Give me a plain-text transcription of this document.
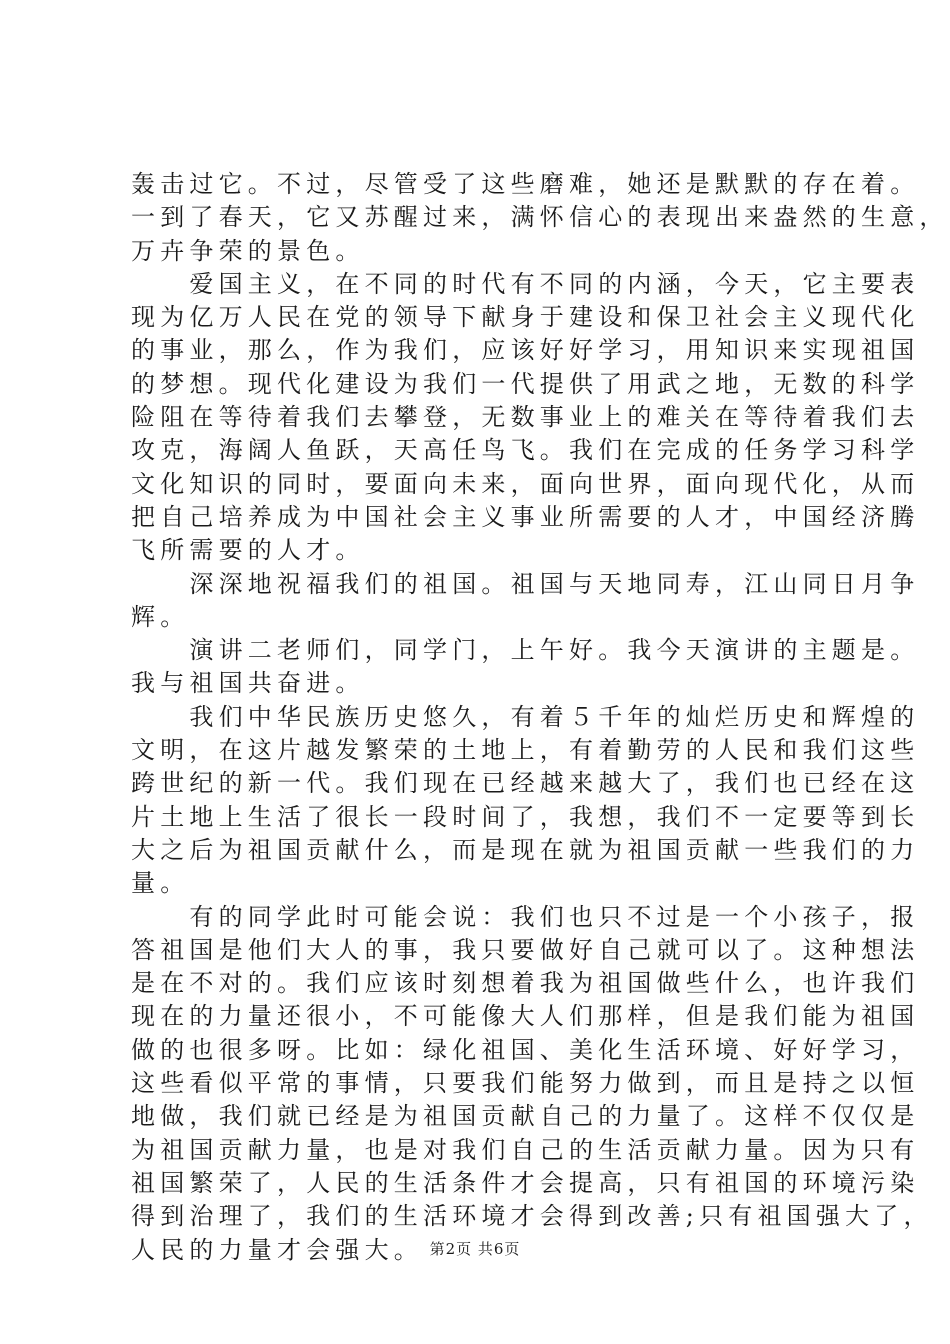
轰击过它。不过，尽管受了这些磨难，她还是默默的存在着。
一到了春天，它又苏醒过来，满怀信心的表现出来盎然的生意，
万卉争荣的景色。
　　爱国主义，在不同的时代有不同的内涵，今天，它主要表
现为亿万人民在党的领导下献身于建设和保卫社会主义现代化
的事业，那么，作为我们，应该好好学习，用知识来实现祖国
的梦想。现代化建设为我们一代提供了用武之地，无数的科学
险阻在等待着我们去攀登，无数事业上的难关在等待着我们去
攻克，海阔人鱼跃，天高任鸟飞。我们在完成的任务学习科学
文化知识的同时，要面向未来，面向世界，面向现代化，从而
把自己培养成为中国社会主义事业所需要的人才，中国经济腾
飞所需要的人才。
　　深深地祝福我们的祖国。祖国与天地同寿，江山同日月争
辉。
　　演讲二老师们，同学门，上午好。我今天演讲的主题是。
我与祖国共奋进。
　　我们中华民族历史悠久，有着５千年的灿烂历史和辉煌的
文明，在这片越发繁荣的土地上，有着勤劳的人民和我们这些
跨世纪的新一代。我们现在已经越来越大了，我们也已经在这
片土地上生活了很长一段时间了，我想，我们不一定要等到长
大之后为祖国贡献什么，而是现在就为祖国贡献一些我们的力
量。
　　有的同学此时可能会说：我们也只不过是一个小孩子，报
答祖国是他们大人的事，我只要做好自己就可以了。这种想法
是在不对的。我们应该时刻想着我为祖国做些什么，也许我们
现在的力量还很小，不可能像大人们那样，但是我们能为祖国
做的也很多呀。比如：绿化祖国、美化生活环境、好好学习，
这些看似平常的事情，只要我们能努力做到，而且是持之以恒
地做，我们就已经是为祖国贡献自己的力量了。这样不仅仅是
为祖国贡献力量，也是对我们自己的生活贡献力量。因为只有
祖国繁荣了，人民的生活条件才会提高，只有祖国的环境污染
得到治理了，我们的生活环境才会得到改善;只有祖国强大了，
人民的力量才会强大。 第2页 共6页
